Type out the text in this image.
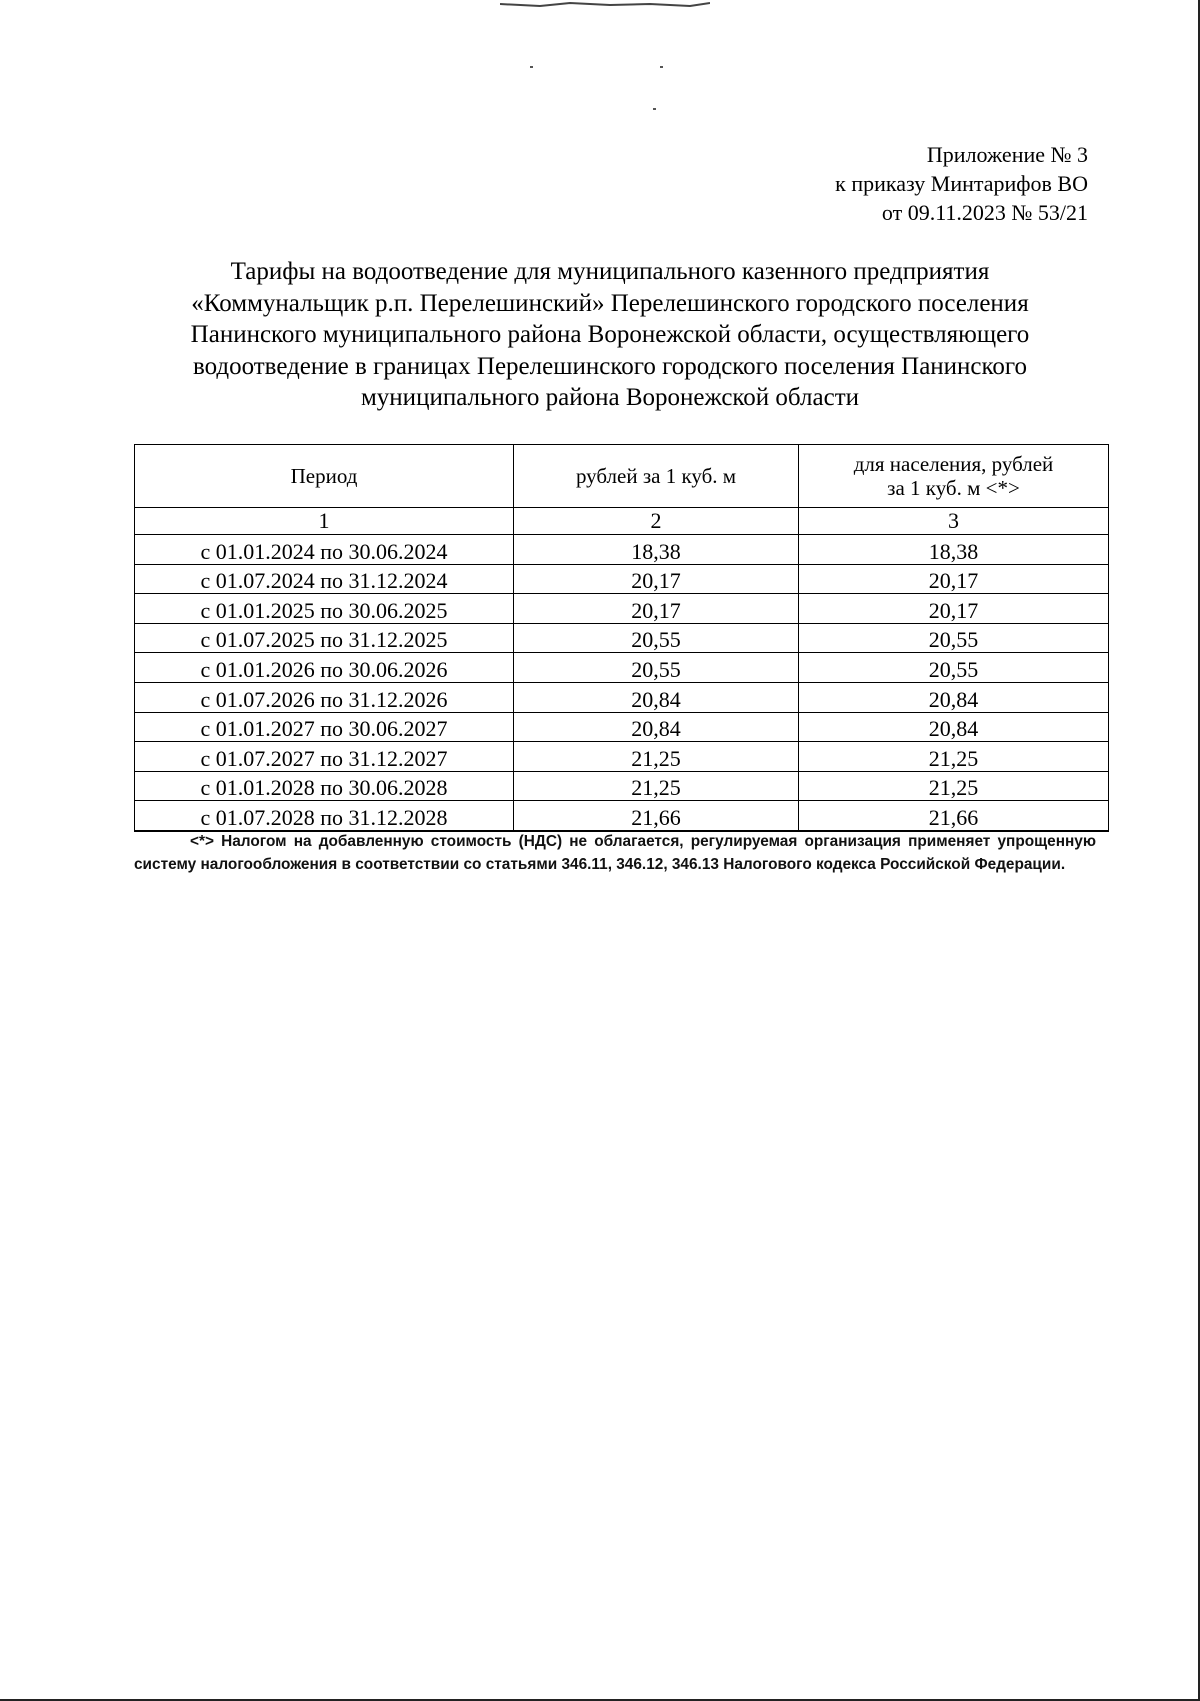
Приложение № 3
к приказу Минтарифов ВО
от 09.11.2023 № 53/21
Тарифы на водоотведение для муниципального казенного предприятия
«Коммунальщик р.п. Перелешинский» Перелешинского городского поселения
Панинского муниципального района Воронежской области, осуществляющего
водоотведение в границах Перелешинского городского поселения Панинского
муниципального района Воронежской области
Период	рублей за 1 куб. м	для населения, рублей
за 1 куб. м <*>

1	2	3
с 01.01.2024 по 30.06.2024	18,38	18,38
с 01.07.2024 по 31.12.2024	20,17	20,17
с 01.01.2025 по 30.06.2025	20,17	20,17
с 01.07.2025 по 31.12.2025	20,55	20,55
с 01.01.2026 по 30.06.2026	20,55	20,55
с 01.07.2026 по 31.12.2026	20,84	20,84
с 01.01.2027 по 30.06.2027	20,84	20,84
с 01.07.2027 по 31.12.2027	21,25	21,25
с 01.01.2028 по 30.06.2028	21,25	21,25
с 01.07.2028 по 31.12.2028	21,66	21,66
<*> Налогом на добавленную стоимость (НДС) не облагается, регулируемая организация применяет упрощенную систему налогообложения в соответствии со статьями 346.11, 346.12, 346.13 Налогового кодекса Российской Федерации.
